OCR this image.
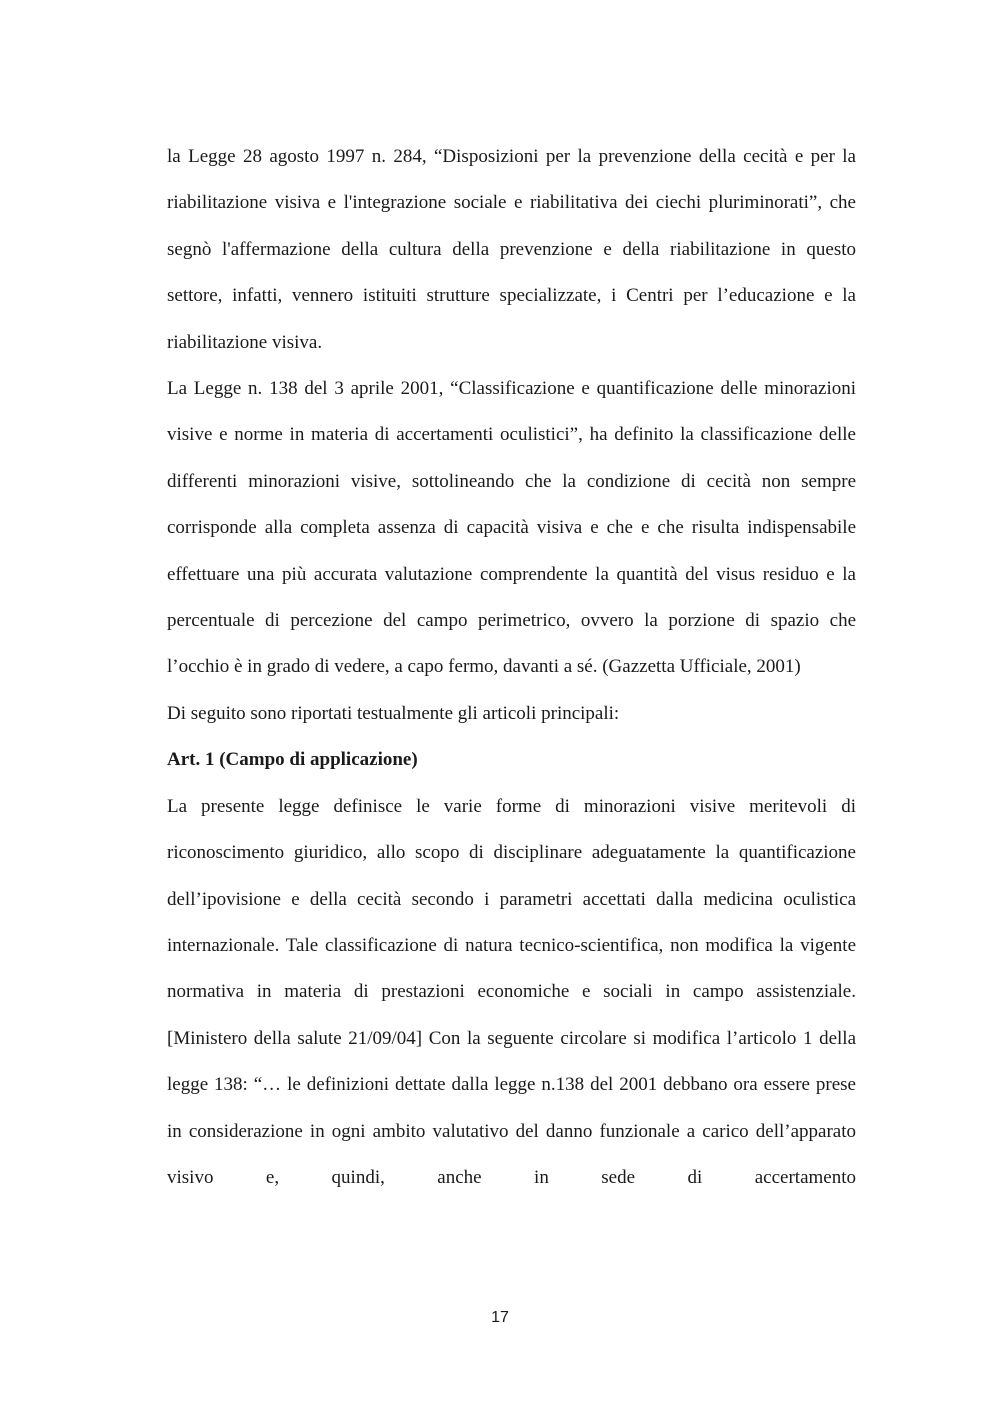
la Legge 28 agosto 1997 n. 284, “Disposizioni per la prevenzione della cecità e per la riabilitazione visiva e l'integrazione sociale e riabilitativa dei ciechi pluriminorati”, che segnò l'affermazione della cultura della prevenzione e della riabilitazione in questo settore, infatti, vennero istituiti strutture specializzate, i Centri per l’educazione e la riabilitazione visiva.

La Legge n. 138 del 3 aprile 2001, “Classificazione e quantificazione delle minorazioni visive e norme in materia di accertamenti oculistici”, ha definito la classificazione delle differenti minorazioni visive, sottolineando che la condizione di cecità non sempre corrisponde alla completa assenza di capacità visiva e che e che risulta indispensabile effettuare una più accurata valutazione comprendente la quantità del visus residuo e la percentuale di percezione del campo perimetrico, ovvero la porzione di spazio che l’occhio è in grado di vedere, a capo fermo, davanti a sé. (Gazzetta Ufficiale, 2001)

Di seguito sono riportati testualmente gli articoli principali:

Art. 1 (Campo di applicazione)

La presente legge definisce le varie forme di minorazioni visive meritevoli di riconoscimento giuridico, allo scopo di disciplinare adeguatamente la quantificazione dell’ipovisione e della cecità secondo i parametri accettati dalla medicina oculistica internazionale. Tale classificazione di natura tecnico-scientifica, non modifica la vigente normativa in materia di prestazioni economiche e sociali in campo assistenziale. [Ministero della salute 21/09/04] Con la seguente circolare si modifica l’articolo 1 della legge 138: “… le definizioni dettate dalla legge n.138 del 2001 debbano ora essere prese in considerazione in ogni ambito valutativo del danno funzionale a carico dell’apparato visivo e, quindi, anche in sede di accertamento

17
